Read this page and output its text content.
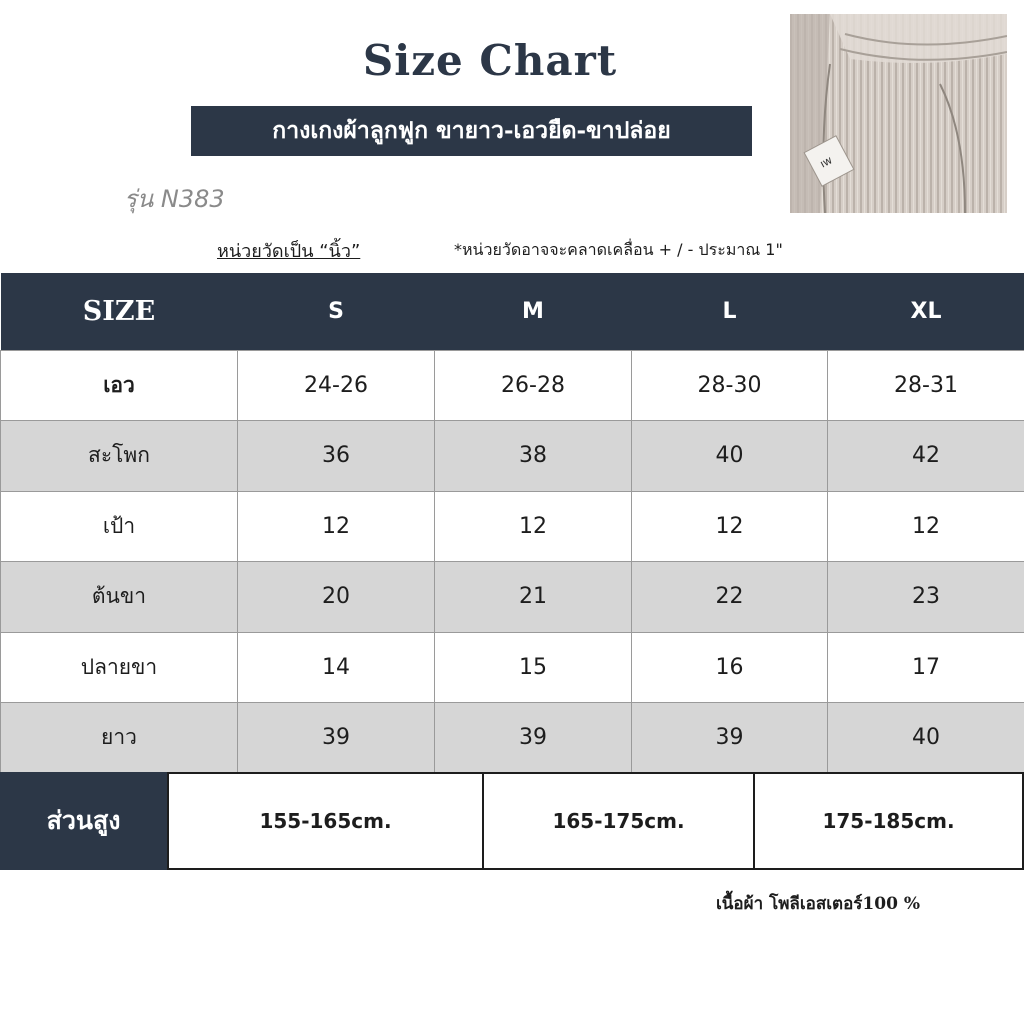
Size Chart
กางเกงผ้าลูกฟูก ขายาว-เอวยืด-ขาปล่อย
รุ่น N383
ıw
หน่วยวัดเป็น “นิ้ว”	*หน่วยวัดอาจจะคลาดเคลื่อน + / - ประมาณ 1"
SIZE	S	M	L	XL
เอว	24-26	26-28	28-30	28-31
สะโพก	36	38	40	42
เป้า	12	12	12	12
ต้นขา	20	21	22	23
ปลายขา	14	15	16	17
ยาว	39	39	39	40
ส่วนสูง	155-165cm.	165-175cm.	175-185cm.
เนื้อผ้า โพลีเอสเตอร์100 %
